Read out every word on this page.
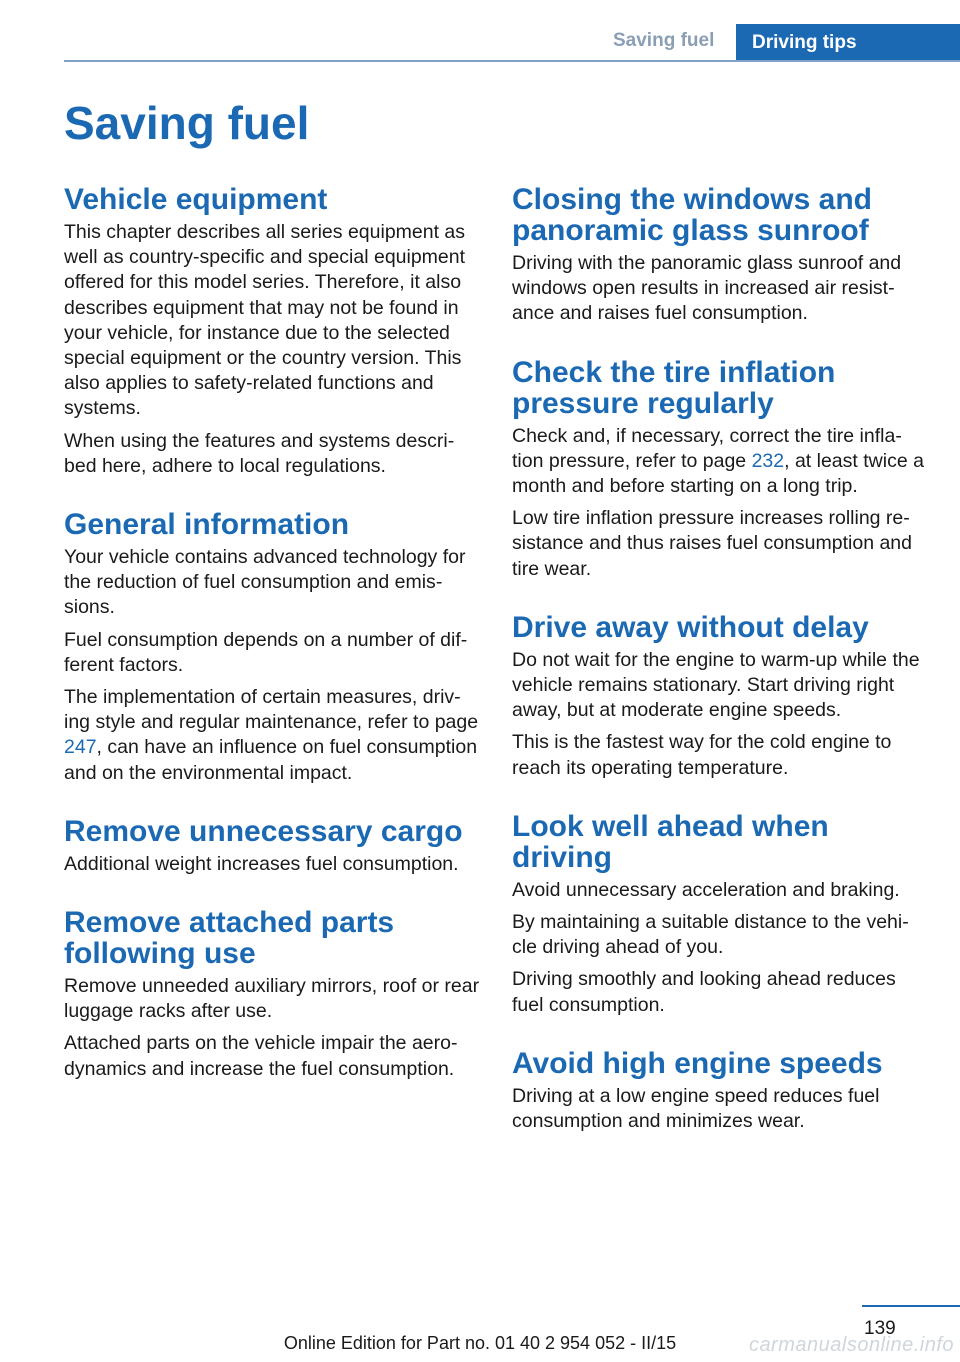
Saving fuel	Driving tips
Saving fuel
Vehicle equipment

This chapter describes all series equipment as well as country-specific and special equipment offered for this model series. Therefore, it also describes equipment that may not be found in your vehicle, for instance due to the selected special equipment or the country version. This also applies to safety-related functions and systems.

When using the features and systems described here, adhere to local regulations.

General information

Your vehicle contains advanced technology for the reduction of fuel consumption and emissions.

Fuel consumption depends on a number of different factors.

The implementation of certain measures, driving style and regular maintenance, refer to page 247, can have an influence on fuel consumption and on the environmental impact.

Remove unnecessary cargo

Additional weight increases fuel consumption.

Remove attached parts following use

Remove unneeded auxiliary mirrors, roof or rear luggage racks after use.

Attached parts on the vehicle impair the aerodynamics and increase the fuel consumption.

Closing the windows and panoramic glass sunroof

Driving with the panoramic glass sunroof and windows open results in increased air resistance and raises fuel consumption.

Check the tire inflation pressure regularly

Check and, if necessary, correct the tire inflation pressure, refer to page 232, at least twice a month and before starting on a long trip.

Low tire inflation pressure increases rolling resistance and thus raises fuel consumption and tire wear.

Drive away without delay

Do not wait for the engine to warm-up while the vehicle remains stationary. Start driving right away, but at moderate engine speeds.

This is the fastest way for the cold engine to reach its operating temperature.

Look well ahead when driving

Avoid unnecessary acceleration and braking.

By maintaining a suitable distance to the vehicle driving ahead of you.

Driving smoothly and looking ahead reduces fuel consumption.

Avoid high engine speeds

Driving at a low engine speed reduces fuel consumption and minimizes wear.

139
Online Edition for Part no. 01 40 2 954 052 - II/15	carmanualsonline.info
